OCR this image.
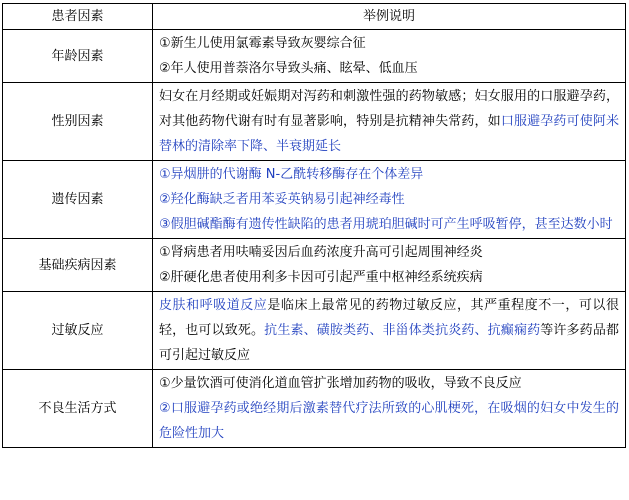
患者因素	举例说明
年龄因素	①新生儿使用氯霉素导致灰婴综合征
②年人使用普萘洛尔导致头痛、眩晕、低血压

性别因素	妇女在月经期或妊娠期对泻药和刺激性强的药物敏感；妇女服用的口服避孕药，对其他药物代谢有时有显著影响，特别是抗精神失常药，如口服避孕药可使阿米替林的清除率下降、半衰期延长

遗传因素	①异烟肼的代谢酶 N-乙酰转移酶存在个体差异
②羟化酶缺乏者用苯妥英钠易引起神经毒性
③假胆碱酯酶有遗传性缺陷的患者用琥珀胆碱时可产生呼吸暂停，甚至达数小时

基础疾病因素	①肾病患者用呋喃妥因后血药浓度升高可引起周围神经炎
②肝硬化患者使用利多卡因可引起严重中枢神经系统疾病

过敏反应	皮肤和呼吸道反应是临床上最常见的药物过敏反应，其严重程度不一，可以很轻，也可以致死。抗生素、磺胺类药、非甾体类抗炎药、抗癫痫药等许多药品都可引起过敏反应

不良生活方式	①少量饮酒可使消化道血管扩张增加药物的吸收，导致不良反应
②口服避孕药或绝经期后激素替代疗法所致的心肌梗死，在吸烟的妇女中发生的危险性加大
